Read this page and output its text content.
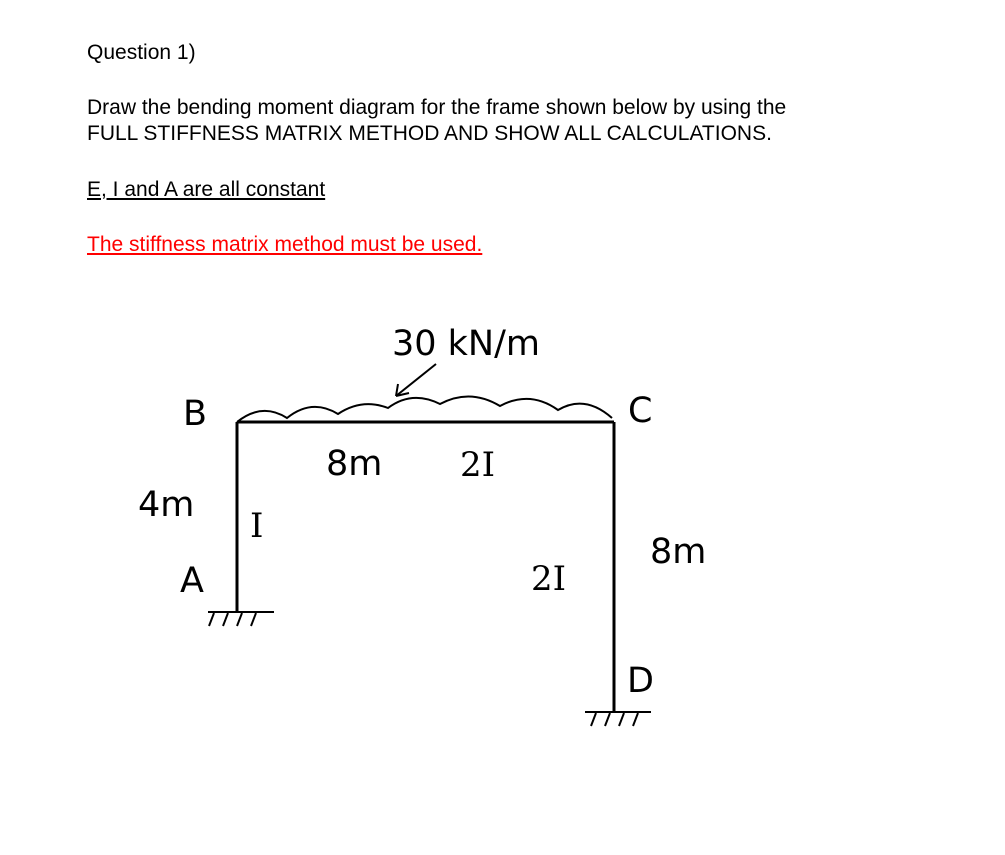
Question 1)
Draw the bending moment diagram for the frame shown below by using the
FULL STIFFNESS MATRIX METHOD AND SHOW ALL CALCULATIONS.
E, I and A are all constant
The stiffness matrix method must be used.
30 kN/m
B	C
A
D
8m 2I
4m
I
2I
8m
